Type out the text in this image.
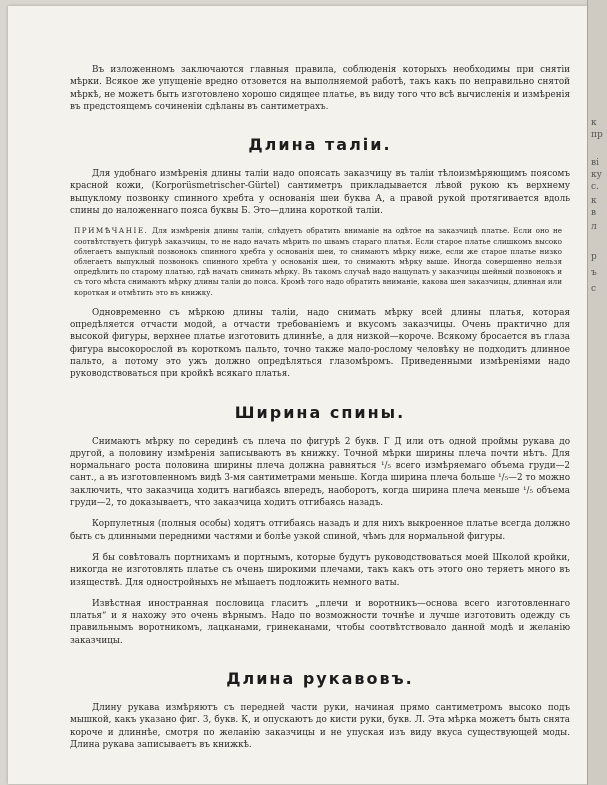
Въ изложенномъ заключаются главныя правила, соблюденія которыхъ необходимы при снятіи мѣрки. Всякое же упущеніе вредно отзовется на выполняемой работѣ, такъ какъ по неправильно снятой мѣркѣ, не можетъ быть изготовлено хорошо сидящее платье, въ виду того что всѣ вычисленія и измѣренія въ предстоящемъ сочиненіи сдѣланы въ сантиметрахъ.

Длина таліи.

Для удобнаго измѣренія длины таліи надо опоясать заказчицу въ таліи тѣлоизмѣряющимъ поясомъ красной кожи, (Korporüsmetrischer-Gürtel) сантиметръ прикладывается лѣвой рукою къ верхнему выпуклому позвонку спинного хребта у основанія шеи буква А, а правой рукой протягивается вдоль спины до наложеннаго пояса буквы Б. Это—длина короткой таліи.

ПРИМѢЧАНІЕ. Для измѣренія длины таліи, слѣдуетъ обратить вниманіе на одѣтое на заказчицѣ платье. Если оно не соотвѣтствуетъ фигурѣ заказчицы, то не надо начать мѣрить по швамъ стараго платья. Если старое платье слишкомъ высоко облегаетъ выпуклый позвонокъ спинного хребта у основанія шеи, то снимаютъ мѣрку ниже, если же старое платье низко облегаетъ выпуклый позвонокъ спинного хребта у основанія шеи, то снимаютъ мѣрку выше. Иногда совершенно нельзя опредѣлить по старому платью, гдѣ начать снимать мѣрку. Въ такомъ случаѣ надо нащупать у заказчицы шейный позвонокъ и съ того мѣста снимаютъ мѣрку длины таліи до пояса. Кромѣ того надо обратить вниманіе, какова шея заказчицы, длинная или короткая и отмѣтить это въ книжку.

Одновременно съ мѣркою длины таліи, надо снимать мѣрку всей длины платья, которая опредѣляется отчасти модой, а отчасти требованіемъ и вкусомъ заказчицы. Очень практично для высокой фигуры, верхнее платье изготовить длиннѣе, а для низкой—короче. Всякому бросается въ глаза фигура высокорослой въ короткомъ пальто, точно также мало-рослому человѣку не подходитъ длинное пальто, а потому это ужъ должно опредѣляться глазомѣромъ. Приведенными измѣреніями надо руководствоваться при кройкѣ всякаго платья.

Ширина спины.

Снимаютъ мѣрку по серединѣ съ плеча по фигурѣ 2 букв. Г Д или отъ одной проймы рукава до другой, а половину измѣренія записываютъ въ книжку. Точной мѣрки ширины плеча почти нѣтъ. Для нормальнаго роста половина ширины плеча должна равняться ¹/₅ всего измѣряемаго объема груди—2 сант., а въ изготовленномъ видѣ 3-мя сантиметрами меньше. Когда ширина плеча больше ¹/₅—2 то можно заключить, что заказчица ходитъ нагибаясь впередъ, наоборотъ, когда ширина плеча меньше ¹/₅ объема груди—2, то доказываетъ, что заказчица ходитъ отгибаясь назадъ.

Корпулетныя (полныя особы) ходятъ отгибаясь назадъ и для нихъ выкроенное платье всегда должно быть съ длинными передними частями и болѣе узкой спиной, чѣмъ для нормальной фигуры.

Я бы совѣтовалъ портнихамъ и портнымъ, которые будутъ руководствоваться моей Школой кройки, никогда не изготовлять платье съ очень широкими плечами, такъ какъ отъ этого оно теряетъ много въ изяществѣ. Для одностройныхъ не мѣшаетъ подложить немного ваты.

Извѣстная иностранная пословица гласитъ „плечи и воротникъ—основа всего изготовленнаго платья“ и я нахожу это очень вѣрнымъ. Надо по возможности точнѣе и лучше изготовить одежду съ правильнымъ воротникомъ, лацканами, гринеканами, чтобы соотвѣтствовало данной модѣ и желанію заказчицы.

Длина рукавовъ.

Длину рукава измѣряютъ съ передней части руки, начиная прямо сантиметромъ высоко подъ мышкой, какъ указано фиг. 3, букв. К, и опускаютъ до кисти руки, букв. Л. Эта мѣрка можетъ быть снята короче и длиннѣе, смотря по желанію заказчицы и не упуская изъ виду вкуса существующей моды. Длина рукава записываетъ въ книжкѣ.

к
пр
ві
ку
с.
к
в
л
р
ъ
с
